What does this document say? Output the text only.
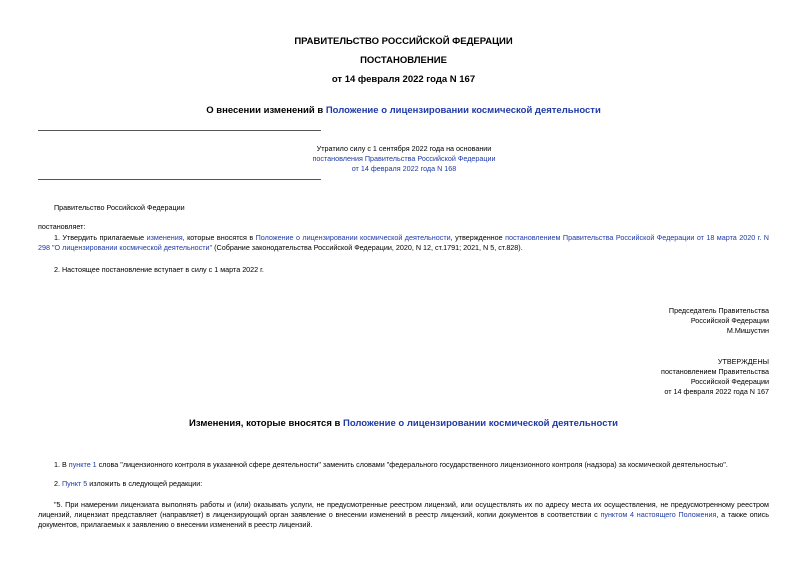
ПРАВИТЕЛЬСТВО РОССИЙСКОЙ ФЕДЕРАЦИИ
ПОСТАНОВЛЕНИЕ
от 14 февраля 2022 года N 167
О внесении изменений в Положение о лицензировании космической деятельности
Утратило силу с 1 сентября 2022 года на основании
постановления Правительства Российской Федерации
от 14 февраля 2022 года N 168
Правительство Российской Федерации
постановляет:
1. Утвердить прилагаемые изменения, которые вносятся в Положение о лицензировании космической деятельности, утвержденное постановлением Правительства Российской Федерации от 18 марта 2020 г. N 298 "О лицензировании космической деятельности" (Собрание законодательства Российской Федерации, 2020, N 12, ст.1791; 2021, N 5, ст.828).
2. Настоящее постановление вступает в силу с 1 марта 2022 г.
Председатель Правительства
Российской Федерации
М.Мишустин
УТВЕРЖДЕНЫ
постановлением Правительства
Российской Федерации
от 14 февраля 2022 года N 167
Изменения, которые вносятся в Положение о лицензировании космической деятельности
1. В пункте 1 слова "лицензионного контроля в указанной сфере деятельности" заменить словами "федерального государственного лицензионного контроля (надзора) за космической деятельностью".
2. Пункт 5 изложить в следующей редакции:
"5. При намерении лицензиата выполнять работы и (или) оказывать услуги, не предусмотренные реестром лицензий, или осуществлять их по адресу места их осуществления, не предусмотренному реестром лицензий, лицензиат представляет (направляет) в лицензирующий орган заявление о внесении изменений в реестр лицензий, копии документов в соответствии с пунктом 4 настоящего Положения, а также опись документов, прилагаемых к заявлению о внесении изменений в реестр лицензий.
